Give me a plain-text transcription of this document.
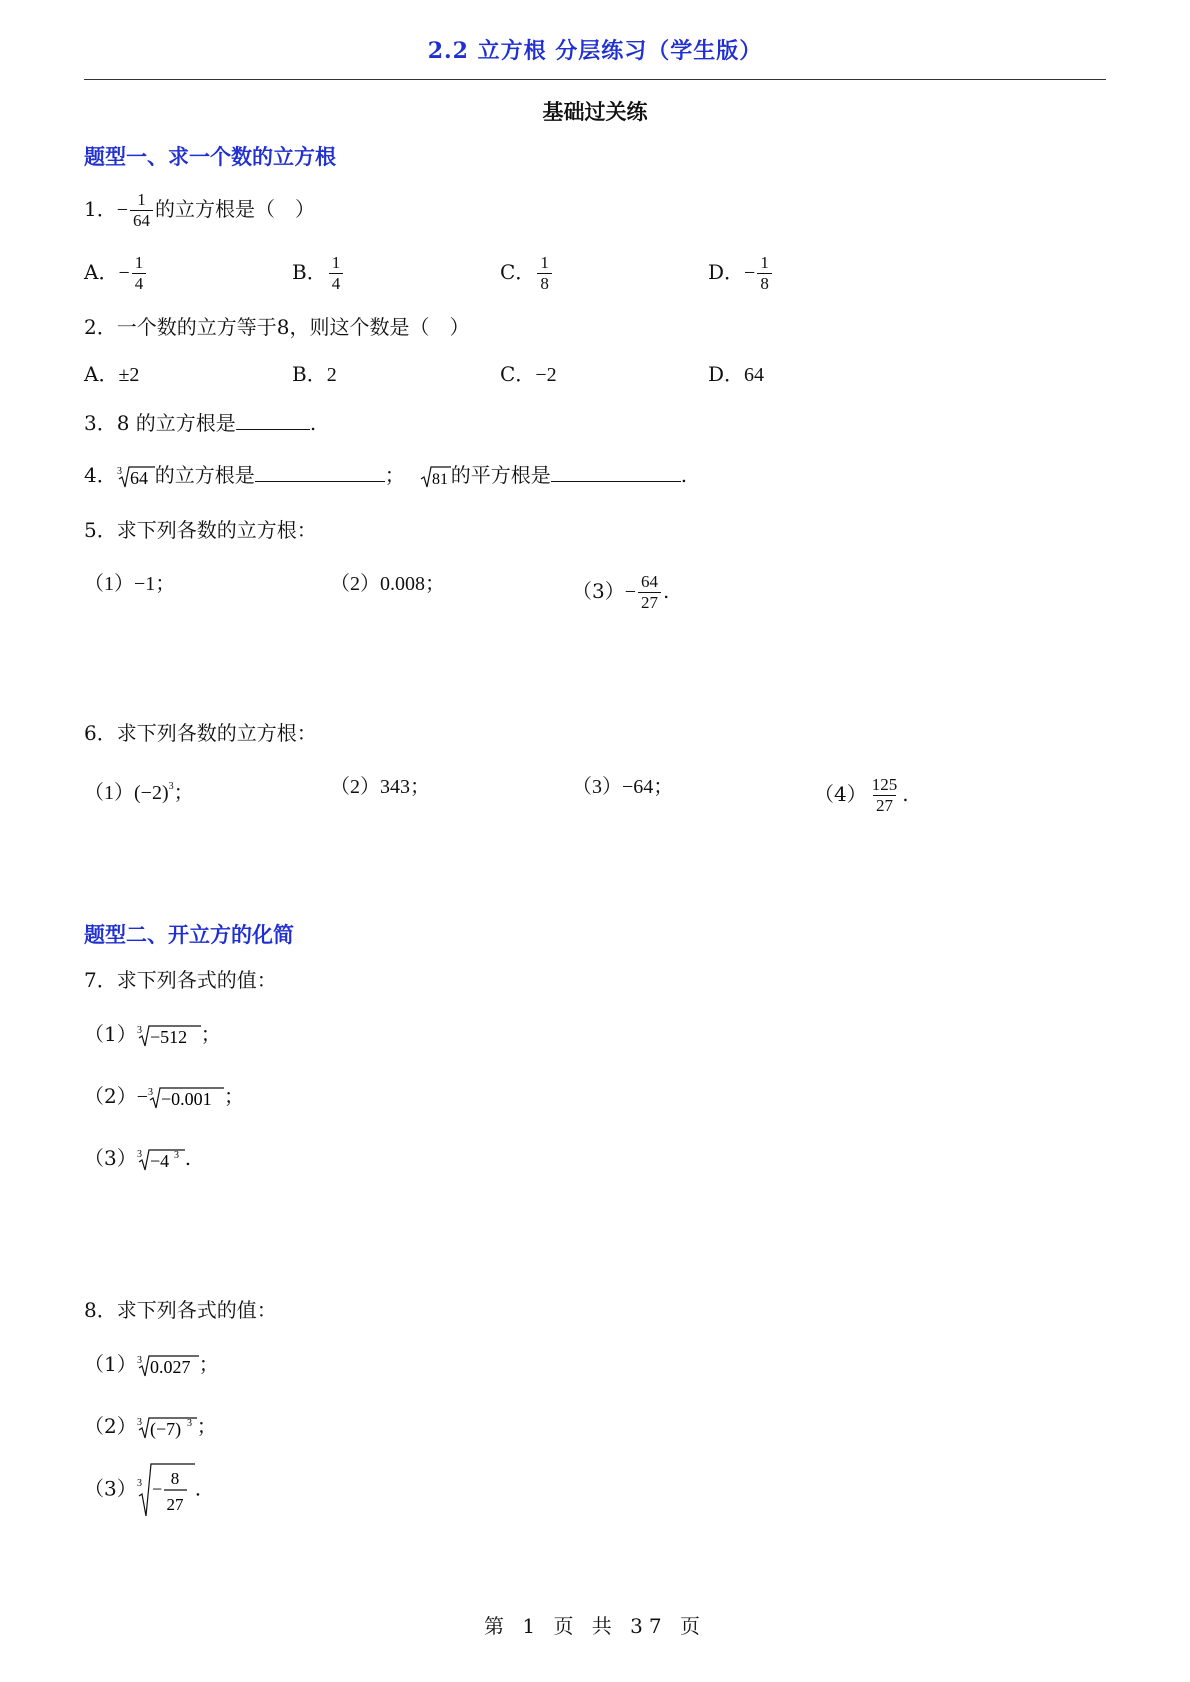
2.2 立方根 分层练习（学生版）
基础过关练
题型一、求一个数的立方根
1．− $\frac{1}{64}$ 的立方根是（　）
A．− $\frac{1}{4}$	B． $\frac{1}{4}$	C． $\frac{1}{8}$	D．− $\frac{1}{8}$
2．一个数的立方等于8，则这个数是（　）
A．±2	B．2	C．−2	D．64
3．8 的立方根是	.
4． 3 64 的立方根是	； 81 的平方根是	.
5．求下列各数的立方根：
（1）−1；	（2）0.008；	$(3)- \frac{64}{27}$ .
6．求下列各数的立方根：
$(1)(-2)^3$；	（2）343；	（3）−64；	$(4) \frac{125}{27}$ .
题型二、开立方的化简
7．求下列各式的值：
（1） 3 −512 ；
（2）− 3 −0.001 ；
（3） 3 −4 3 .
8．求下列各式的值：
（1） 3 0.027 ；
（2） 3 (−7) 3 ；
（3） 3 −
8
27
.
第 1 页 共 37 页
